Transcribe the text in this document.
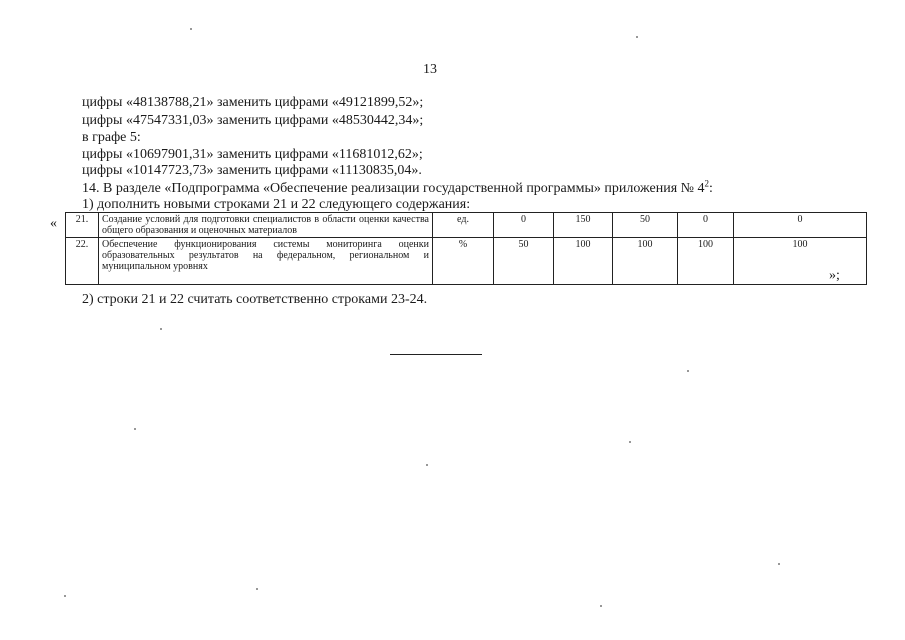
13
цифры «48138788,21» заменить цифрами «49121899,52»;
цифры «47547331,03» заменить цифрами «48530442,34»;
в графе 5:
цифры «10697901,31» заменить цифрами «11681012,62»;
цифры «10147723,73» заменить цифрами «11130835,04».
14. В разделе «Подпрограмма «Обеспечение реализации государственной программы» приложения № $4^2$:
1) дополнить новыми строками 21 и 22 следующего содержания:
« 21.	Создание условий для подготовки специалистов в области оценки качества общего образования и оценочных материалов	ед.	0	150	50	0	0
22.	Обеспечение функционирования системы мониторинга оценки образовательных результатов на федеральном, региональном и муниципальном уровнях	%	50	100	100	100	100
»;
2) строки 21 и 22 считать соответственно строками 23-24.
